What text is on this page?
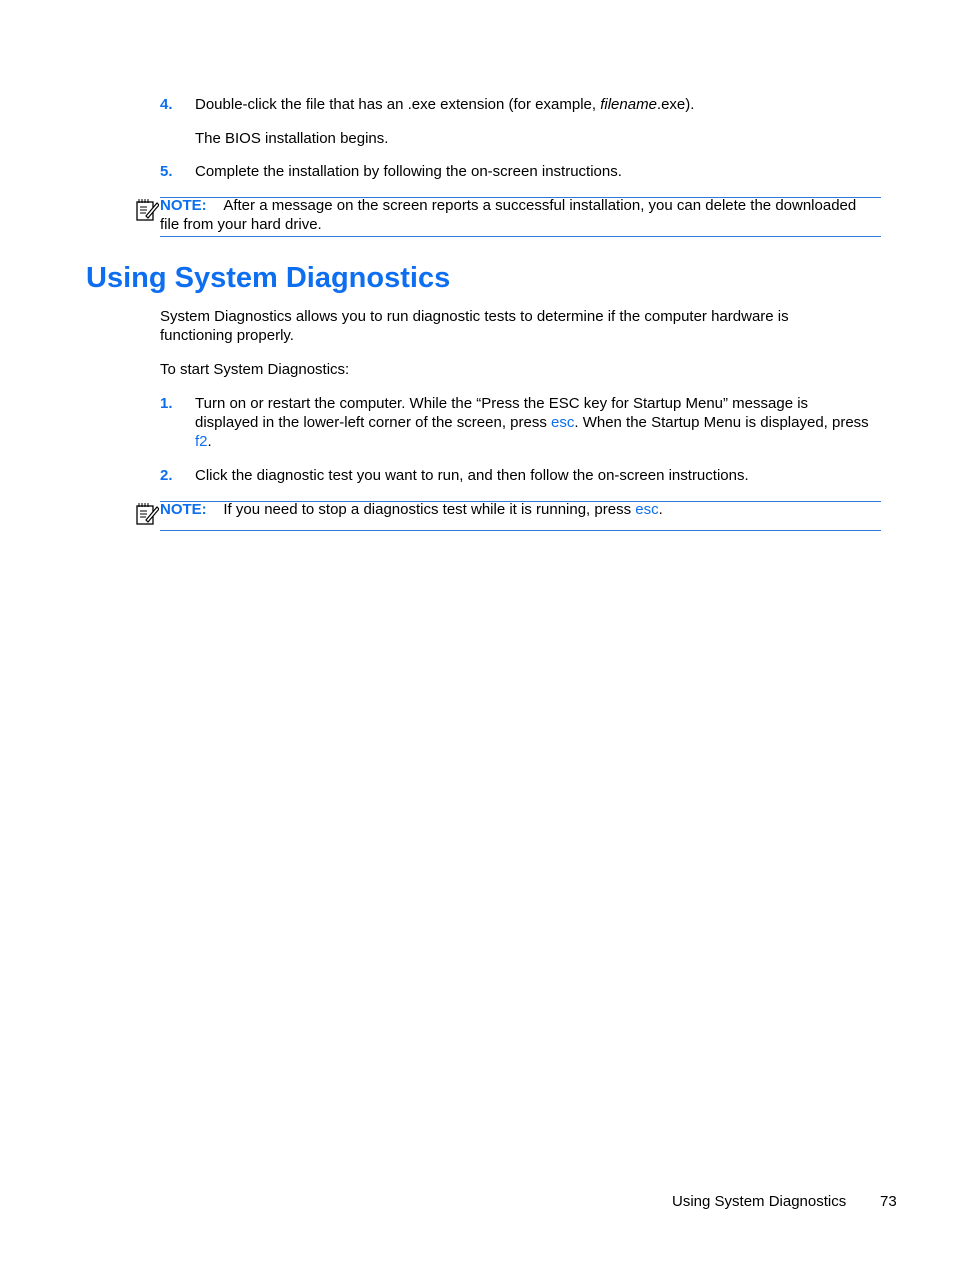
4. Double-click the file that has an .exe extension (for example, filename.exe).
The BIOS installation begins.
5. Complete the installation by following the on-screen instructions.
NOTE: After a message on the screen reports a successful installation, you can delete the downloaded file from your hard drive.
Using System Diagnostics
System Diagnostics allows you to run diagnostic tests to determine if the computer hardware is functioning properly.
To start System Diagnostics:
1. Turn on or restart the computer. While the “Press the ESC key for Startup Menu” message is displayed in the lower-left corner of the screen, press esc. When the Startup Menu is displayed, press f2.
2. Click the diagnostic test you want to run, and then follow the on-screen instructions.
NOTE: If you need to stop a diagnostics test while it is running, press esc.
Using System Diagnostics 73
